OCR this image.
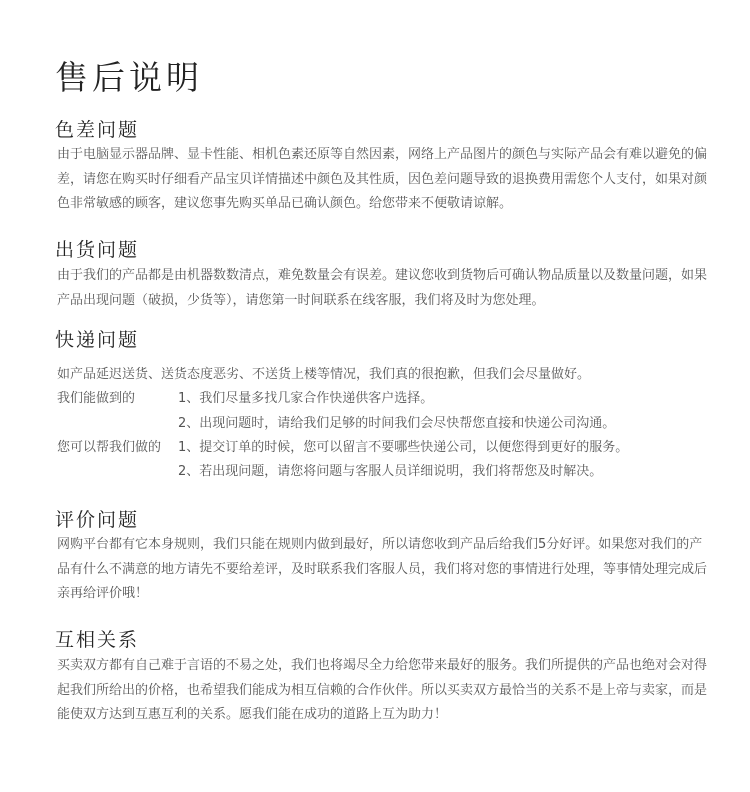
售后说明
色差问题

由于电脑显示器品牌、显卡性能、相机色素还原等自然因素，网络上产品图片的颜色与实际产品会有难以避免的偏差，请您在购买时仔细看产品宝贝详情描述中颜色及其性质，因色差问题导致的退换费用需您个人支付，如果对颜色非常敏感的顾客，建议您事先购买单品已确认颜色。给您带来不便敬请谅解。

出货问题

由于我们的产品都是由机器数数清点，难免数量会有误差。建议您收到货物后可确认物品质量以及数量问题，如果产品出现问题（破损，少货等），请您第一时间联系在线客服，我们将及时为您处理。

快递问题
如产品延迟送货、送货态度恶劣、不送货上楼等情况，我们真的很抱歉，但我们会尽量做好。
我们能做到的	1、我们尽量多找几家合作快递供客户选择。
2、出现问题时，请给我们足够的时间我们会尽快帮您直接和快递公司沟通。
您可以帮我们做的 1、提交订单的时候，您可以留言不要哪些快递公司，以便您得到更好的服务。
2、若出现问题，请您将问题与客服人员详细说明，我们将帮您及时解决。
评价问题

网购平台都有它本身规则，我们只能在规则内做到最好，所以请您收到产品后给我们5分好评。如果您对我们的产品有什么不满意的地方请先不要给差评，及时联系我们客服人员，我们将对您的事情进行处理，等事情处理完成后亲再给评价哦！

互相关系

买卖双方都有自己难于言语的不易之处，我们也将竭尽全力给您带来最好的服务。我们所提供的产品也绝对会对得起我们所给出的价格，也希望我们能成为相互信赖的合作伙伴。所以买卖双方最恰当的关系不是上帝与卖家，而是能使双方达到互惠互利的关系。愿我们能在成功的道路上互为助力！
